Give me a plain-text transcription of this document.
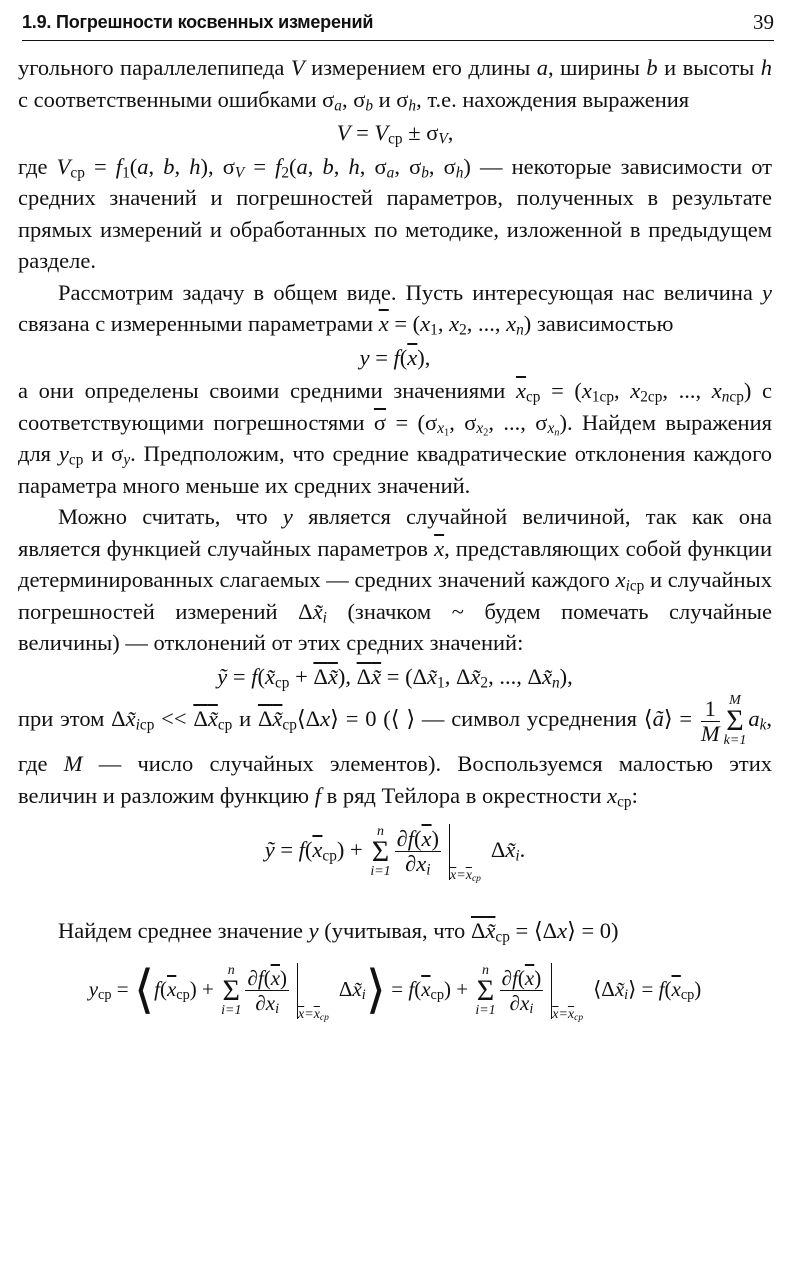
1.9. Погрешности косвенных измерений	39

угольного параллелепипеда V измерением его длины a, ширины b и высоты h с соответственными ошибками $\sigma_a$, $\sigma_b$ и $\sigma_h$, т.е. нахождения выражения

$V = V_{ср} \pm \sigma_V$,

где $V_{ср} = f_1(a$, b, h), $\sigma_V = f_2(a$, b, h, $\sigma_a$, $\sigma_b$, $\sigma_h$) — некоторые зависимости от средних значений и погрешностей параметров, полученных в результате прямых измерений и обработанных по методике, изложенной в предыдущем разделе.

Рассмотрим задачу в общем виде. Пусть интересующая нас величина y связана с измеренными параметрами $\overline{x} = (x_1$, $x_2$, ..., $x_n$) зависимостью

$y = f(\overline{x})$,

а они определены своими средними значениями $\overline{x}_{ср} = (x_{1ср}$, $x_{2ср}$, ..., $x_{nср}$) с соответствующими погрешностями $\overline{\sigma} = (\sigma_{x_1}$, $\sigma_{x_2}$, ..., $\sigma_{x_n}$). Найдем выражения для $y_{ср}$ и $\sigma_y$. Предположим, что средние квадратические отклонения каждого параметра много меньше их средних значений.

Можно считать, что y является случайной величиной, так как она является функцией случайных параметров $\overline{x}$, представляющих собой функции детерминированных слагаемых — средних значений каждого $x_{iср}$ и случайных погрешностей измерений $\Delta x̃_i$ (значком ~ будем помечать случайные величины) — отклонений от этих средних значений:

ỹ = $f(x̃_{ср}$ + Δx̃), Δx̃ = ($\Delta x̃_1$, $\Delta x̃_2$, ..., $\Delta x̃_n$),

при этом $\Delta x̃_{iср}$ << $\Delta x̃_{ср}$ и $\Delta x̃_{ср}⟨\Delta x⟩ = 0$ (⟨ ⟩ — символ усреднения ⟨ã⟩ = $\frac{1}{M}$ M
Σ
k=1
$a_k$, где M — число случайных элементов). Воспользуемся малостью этих величин и разложим функцию f в ряд Тейлора в окрестности $x_{ср}$:

ỹ = $f(\overline{x}_{ср})$ +
n
Σ
$i=1 \frac{\partial f(\overline{x})}{\partial x_i}$ $\overline{x}=\overline{x}_{ср}\Delta x̃_i$.

Найдем среднее значение y (учитывая, что $\Delta x̃_{ср}$ = ⟨Δx⟩ = 0)

$y_{ср}$ = $⟨f(\overline{x}_{ср})$ +
n
Σ
$i=1 \frac{\partial f(\overline{x})}{\partial x_i}$ $\overline{x}=\overline{x}_{ср}\Delta x̃_i⟩ = f(\overline{x}_{ср})$ +
n
Σ
$i=1 \frac{\partial f(\overline{x})}{\partial x_i}$ $\overline{x}=\overline{x}_{ср}⟨\Delta x̃_i⟩ = f(\overline{x}_{ср})$
